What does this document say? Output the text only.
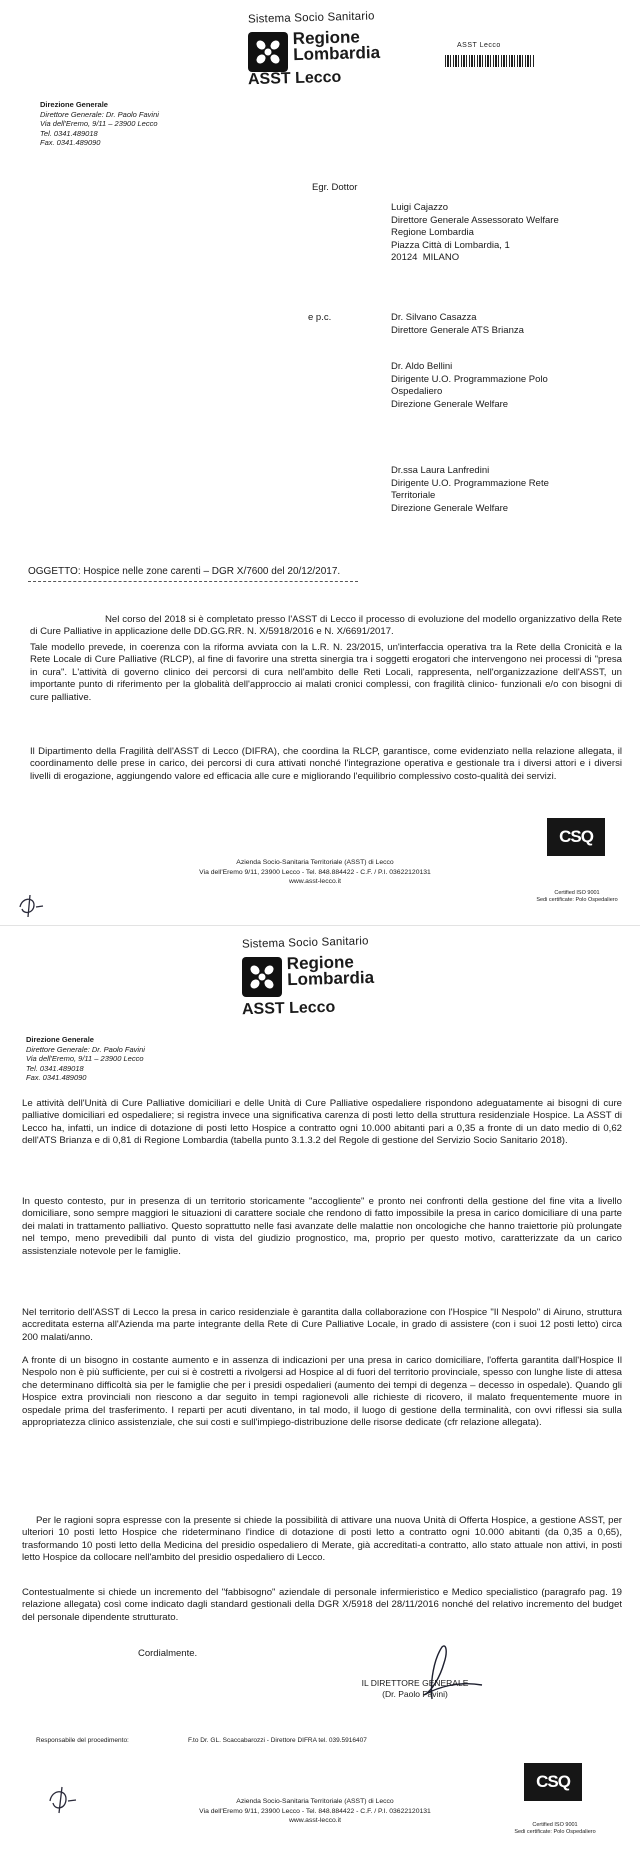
Sistema Socio Sanitario
Regione
Lombardia
ASST Lecco
ASST Lecco
Direzione Generale
Direttore Generale: Dr. Paolo Favini
Via dell'Eremo, 9/11 – 23900 Lecco
Tel. 0341.489018
Fax. 0341.489090
Egr. Dottor
Luigi Cajazzo
Direttore Generale Assessorato Welfare
Regione Lombardia
Piazza Città di Lombardia, 1
20124  MILANO
e p.c.	Dr. Silvano Casazza
Direttore Generale ATS Brianza
Dr. Aldo Bellini
Dirigente U.O. Programmazione Polo
Ospedaliero
Direzione Generale Welfare
Dr.ssa Laura Lanfredini
Dirigente U.O. Programmazione Rete
Territoriale
Direzione Generale Welfare
OGGETTO: Hospice nelle zone carenti – DGR X/7600 del 20/12/2017.
Nel corso del 2018 si è completato presso l'ASST di Lecco il processo di evoluzione del modello organizzativo della Rete di Cure Palliative in applicazione delle DD.GG.RR. N. X/5918/2016 e N. X/6691/2017.
Tale modello prevede, in coerenza con la riforma avviata con la L.R. N. 23/2015, un'interfaccia operativa tra la Rete della Cronicità e la Rete Locale di Cure Palliative (RLCP), al fine di favorire una stretta sinergia tra i soggetti erogatori che intervengono nei processi di "presa in cura". L'attività di governo clinico dei percorsi di cura nell'ambito delle Reti Locali, rappresenta, nell'organizzazione dell'ASST, un importante punto di riferimento per la globalità dell'approccio ai malati cronici complessi, con fragilità clinico- funzionali e/o con bisogni di cure palliative.
Il Dipartimento della Fragilità dell'ASST di Lecco (DIFRA), che coordina la RLCP, garantisce, come evidenziato nella relazione allegata, il coordinamento delle prese in carico, dei percorsi di cura attivati nonché l'integrazione operativa e gestionale tra i diversi attori e i diversi livelli di erogazione, aggiungendo valore ed efficacia alle cure e migliorando l'equilibrio complessivo costo-qualità dei servizi.
Azienda Socio-Sanitaria Territoriale (ASST) di Lecco
Via dell'Eremo 9/11, 23900 Lecco - Tel. 848.884422 - C.F. / P.I. 03622120131
www.asst-lecco.it
CSQ
Certified ISO 9001
Sedi certificate: Polo Ospedaliero
Sistema Socio Sanitario
Regione
Lombardia
ASST Lecco
Direzione Generale
Direttore Generale: Dr. Paolo Favini
Via dell'Eremo, 9/11 – 23900 Lecco
Tel. 0341.489018
Fax. 0341.489090
Le attività dell'Unità di Cure Palliative domiciliari e delle Unità di Cure Palliative ospedaliere rispondono adeguatamente ai bisogni di cure palliative domiciliari ed ospedaliere; si registra invece una significativa carenza di posti letto della struttura residenziale Hospice. La ASST di Lecco ha, infatti, un indice di dotazione di posti letto Hospice a contratto ogni 10.000 abitanti pari a 0,35 a fronte di un dato medio di 0,62 dell'ATS Brianza e di 0,81 di Regione Lombardia (tabella punto 3.1.3.2 del Regole di gestione del Servizio Socio Sanitario 2018).
In questo contesto, pur in presenza di un territorio storicamente "accogliente" e pronto nei confronti della gestione del fine vita a livello domiciliare, sono sempre maggiori le situazioni di carattere sociale che rendono di fatto impossibile la presa in carico domiciliare di una parte dei malati in trattamento palliativo. Questo soprattutto nelle fasi avanzate delle malattie non oncologiche che hanno traiettorie più prolungate nel tempo, meno prevedibili dal punto di vista del giudizio prognostico, ma, proprio per questo motivo, caratterizzate da un carico assistenziale notevole per le famiglie.
Nel territorio dell'ASST di Lecco la presa in carico residenziale è garantita dalla collaborazione con l'Hospice "Il Nespolo" di Airuno, struttura accreditata esterna all'Azienda ma parte integrante della Rete di Cure Palliative Locale, in grado di assistere (con i suoi 12 posti letto) circa 200 malati/anno.
A fronte di un bisogno in costante aumento e in assenza di indicazioni per una presa in carico domiciliare, l'offerta garantita dall'Hospice Il Nespolo non è più sufficiente, per cui si è costretti a rivolgersi ad Hospice al di fuori del territorio provinciale, spesso con lunghe liste di attesa che determinano difficoltà sia per le famiglie che per i presidi ospedalieri (aumento dei tempi di degenza – decesso in ospedale). Quando gli Hospice extra provinciali non riescono a dar seguito in tempi ragionevoli alle richieste di ricovero, il malato frequentemente muore in ospedale prima del trasferimento. I reparti per acuti diventano, in tal modo, il luogo di gestione della terminalità, con ovvi riflessi sia sulla appropriatezza clinico assistenziale, che sui costi e sull'impiego-distribuzione delle risorse dedicate (cfr relazione allegata).
Per le ragioni sopra espresse con la presente si chiede la possibilità di attivare una nuova Unità di Offerta Hospice, a gestione ASST, per ulteriori 10 posti letto Hospice che rideterminano l'indice di dotazione di posti letto a contratto ogni 10.000 abitanti (da 0,35 a 0,65), trasformando 10 posti letto della Medicina del presidio ospedaliero di Merate, già accreditati-a contratto, allo stato attuale non attivi, in posti letto Hospice da collocare nell'ambito del presidio ospedaliero di Lecco.
Contestualmente si chiede un incremento del "fabbisogno" aziendale di personale infermieristico e Medico specialistico (paragrafo pag. 19 relazione allegata) così come indicato dagli standard gestionali della DGR X/5918 del 28/11/2016 nonché del relativo incremento del budget del personale dipendente strutturato.
Cordialmente.
IL DIRETTORE GENERALE
(Dr. Paolo Favini)
Responsabile del procedimento:	F.to Dr. GL. Scaccabarozzi - Direttore DIFRA tel. 039.5916407
Azienda Socio-Sanitaria Territoriale (ASST) di Lecco
Via dell'Eremo 9/11, 23900 Lecco - Tel. 848.884422 - C.F. / P.I. 03622120131
www.asst-lecco.it
CSQ
Certified ISO 9001
Sedi certificate: Polo Ospedaliero
